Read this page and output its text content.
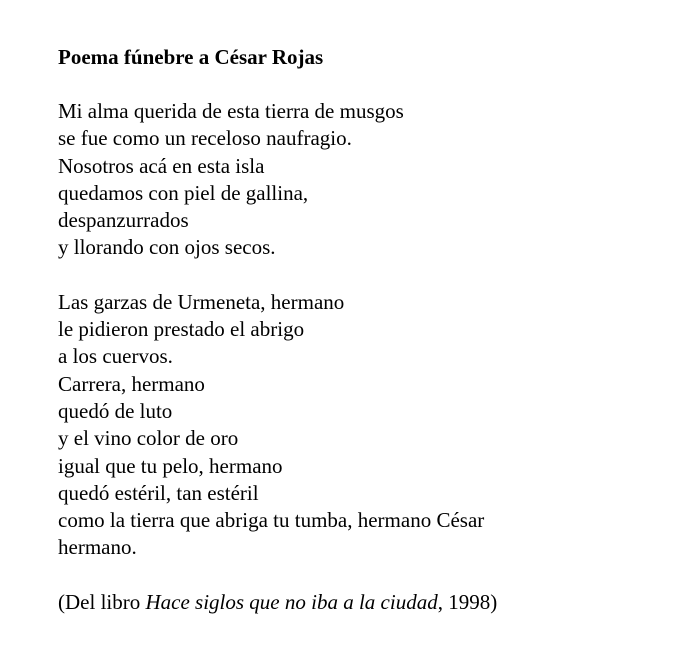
Poema fúnebre a César Rojas
Mi alma querida de esta tierra de musgos
se fue como un receloso naufragio.
Nosotros acá en esta isla
quedamos con piel de gallina,
despanzurrados
y llorando con ojos secos.
Las garzas de Urmeneta, hermano
le pidieron prestado el abrigo
a los cuervos.
Carrera, hermano
quedó de luto
y el vino color de oro
igual que tu pelo, hermano
quedó estéril, tan estéril
como la tierra que abriga tu tumba, hermano César
hermano.
(Del libro Hace siglos que no iba a la ciudad, 1998)
